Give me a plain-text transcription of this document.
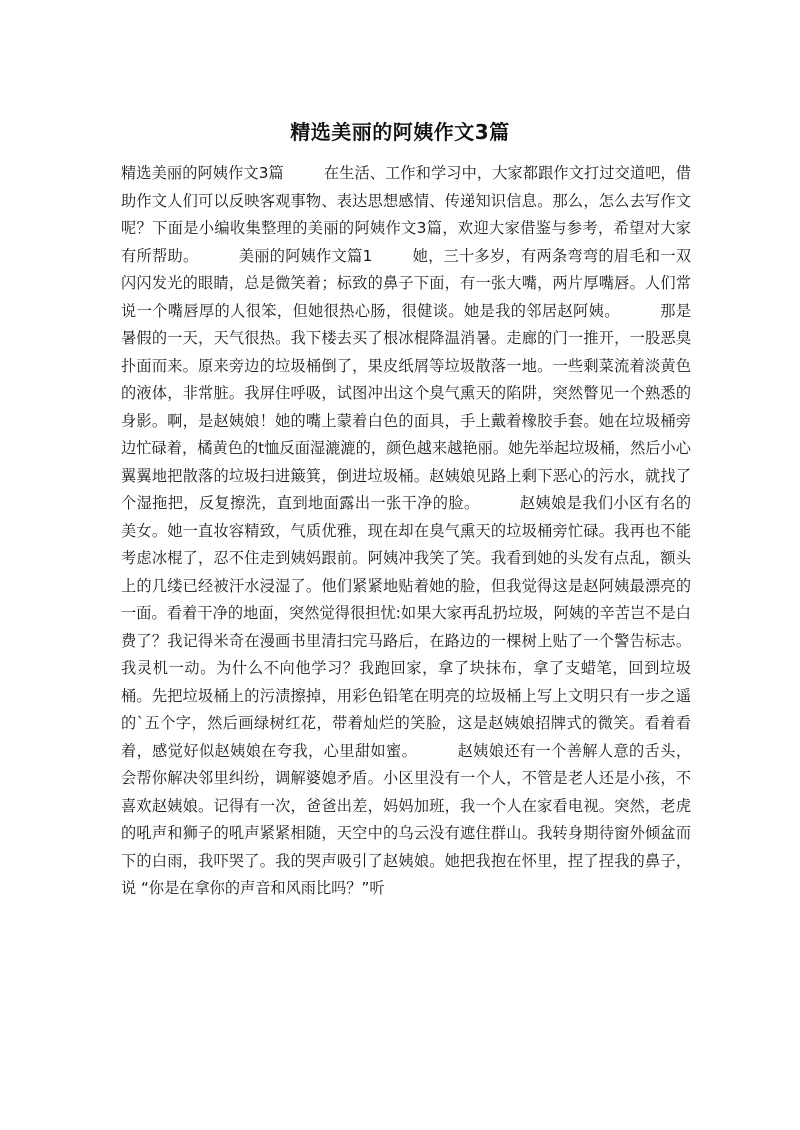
精选美丽的阿姨作文3篇

精选美丽的阿姨作文3篇	在生活、工作和学习中，大家都跟作文打过交道吧，借助作文人们可以反映客观事物、表达思想感情、传递知识信息。那么，怎么去写作文呢？下面是小编收集整理的美丽的阿姨作文3篇，欢迎大家借鉴与参考，希望对大家有所帮助。	美丽的阿姨作文篇1	她，三十多岁，有两条弯弯的眉毛和一双闪闪发光的眼睛，总是微笑着；标致的鼻子下面，有一张大嘴，两片厚嘴唇。人们常说一个嘴唇厚的人很笨，但她很热心肠，很健谈。她是我的邻居赵阿姨。	那是暑假的一天，天气很热。我下楼去买了根冰棍降温消暑。走廊的门一推开，一股恶臭扑面而来。原来旁边的垃圾桶倒了，果皮纸屑等垃圾散落一地。一些剩菜流着淡黄色的液体，非常脏。我屏住呼吸，试图冲出这个臭气熏天的陷阱，突然瞥见一个熟悉的身影。啊，是赵姨娘！她的嘴上蒙着白色的面具，手上戴着橡胶手套。她在垃圾桶旁边忙碌着，橘黄色的t恤反面湿漉漉的，颜色越来越艳丽。她先举起垃圾桶，然后小心翼翼地把散落的垃圾扫进簸箕，倒进垃圾桶。赵姨娘见路上剩下恶心的污水，就找了个湿拖把，反复擦洗，直到地面露出一张干净的脸。	赵姨娘是我们小区有名的美女。她一直妆容精致，气质优雅，现在却在臭气熏天的垃圾桶旁忙碌。我再也不能考虑冰棍了，忍不住走到姨妈跟前。阿姨冲我笑了笑。我看到她的头发有点乱，额头上的几缕已经被汗水浸湿了。他们紧紧地贴着她的脸，但我觉得这是赵阿姨最漂亮的一面。看着干净的地面，突然觉得很担忧:如果大家再乱扔垃圾，阿姨的辛苦岂不是白费了？我记得米奇在漫画书里清扫完马路后，在路边的一棵树上贴了一个警告标志。我灵机一动。为什么不向他学习？我跑回家，拿了块抹布，拿了支蜡笔，回到垃圾桶。先把垃圾桶上的污渍擦掉，用彩色铅笔在明亮的垃圾桶上写上文明只有一步之遥的`五个字，然后画绿树红花，带着灿烂的笑脸，这是赵姨娘招牌式的微笑。看着看着，感觉好似赵姨娘在夸我，心里甜如蜜。	赵姨娘还有一个善解人意的舌头，会帮你解决邻里纠纷，调解婆媳矛盾。小区里没有一个人，不管是老人还是小孩，不喜欢赵姨娘。记得有一次，爸爸出差，妈妈加班，我一个人在家看电视。突然，老虎的吼声和狮子的吼声紧紧相随，天空中的乌云没有遮住群山。我转身期待窗外倾盆而下的白雨，我吓哭了。我的哭声吸引了赵姨娘。她把我抱在怀里，捏了捏我的鼻子，说 “你是在拿你的声音和风雨比吗？”听
